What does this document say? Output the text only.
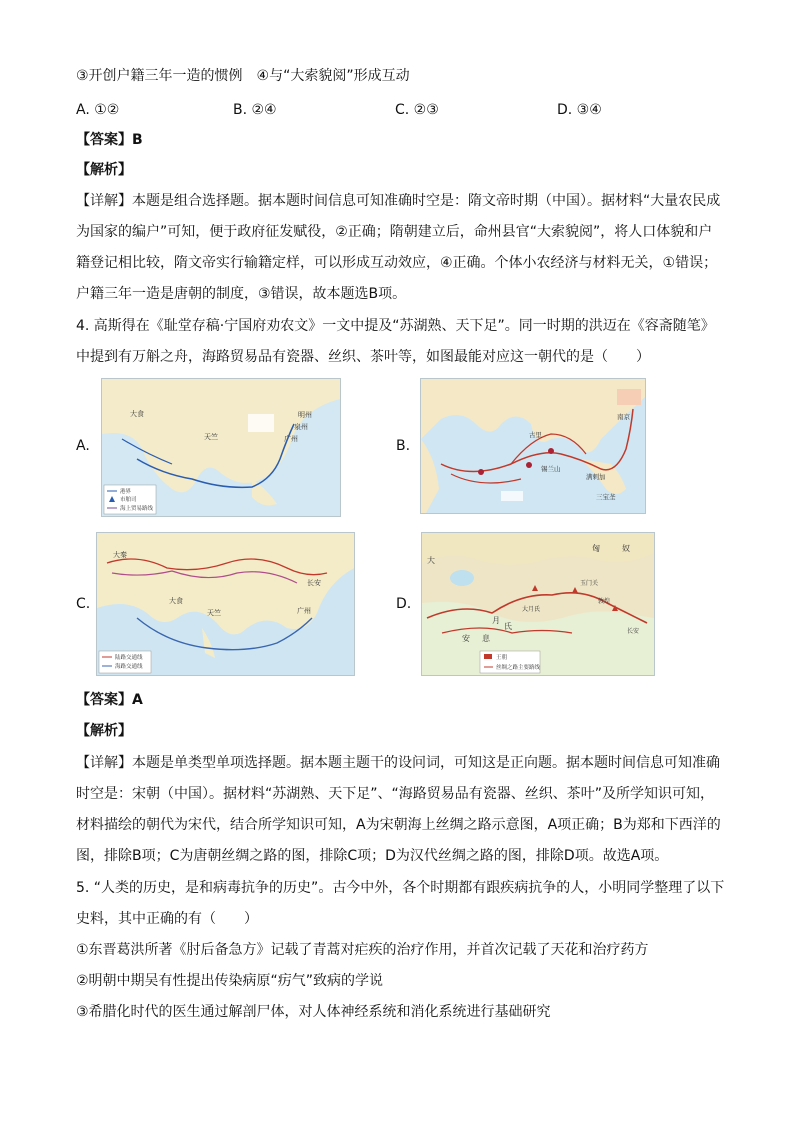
③开创户籍三年一造的惯例　④与“大索貌阅”形成互动
A. ①②	B. ②④	C. ②③	D. ③④
【答案】B
【解析】
【详解】本题是组合选择题。据本题时间信息可知准确时空是：隋文帝时期（中国）。据材料“大量农民成
为国家的编户”可知，便于政府征发赋役，②正确；隋朝建立后，命州县官“大索貌阅”，将人口体貌和户
籍登记相比较，隋文帝实行输籍定样，可以形成互动效应，④正确。个体小农经济与材料无关，①错误；
户籍三年一造是唐朝的制度，③错误，故本题选B项。
4. 高斯得在《耻堂存稿·宁国府劝农文》一文中提及“苏湖熟、天下足”。同一时期的洪迈在《容斋随笔》
中提到有万斛之舟，海路贸易品有瓷器、丝织、茶叶等，如图最能对应这一朝代的是（　　）
A.	B.
C.	D.
大食
天竺	广州
泉州
明州
港界
市舶司
海上贸易路线
古里
锡兰山
满剌加
三宝垄
南京
大秦
天竺
大食
长安
广州
陆路交通线
海路交通线
匈	奴
大
月
氏
安 息
大月氏
玉门关
敦煌
长安
王朝
丝绸之路主要路线
【答案】A
【解析】
【详解】本题是单类型单项选择题。据本题主题干的设问词，可知这是正向题。据本题时间信息可知准确
时空是：宋朝（中国）。据材料“苏湖熟、天下足”、“海路贸易品有瓷器、丝织、茶叶”及所学知识可知，
材料描绘的朝代为宋代，结合所学知识可知，A为宋朝海上丝绸之路示意图，A项正确；B为郑和下西洋的
图，排除B项；C为唐朝丝绸之路的图，排除C项；D为汉代丝绸之路的图，排除D项。故选A项。
5. “人类的历史，是和病毒抗争的历史”。古今中外，各个时期都有跟疾病抗争的人，小明同学整理了以下
史料，其中正确的有（　　）
①东晋葛洪所著《肘后备急方》记载了青蒿对疟疾的治疗作用，并首次记载了天花和治疗药方
②明朝中期吴有性提出传染病原“疠气”致病的学说
③希腊化时代的医生通过解剖尸体，对人体神经系统和消化系统进行基础研究
